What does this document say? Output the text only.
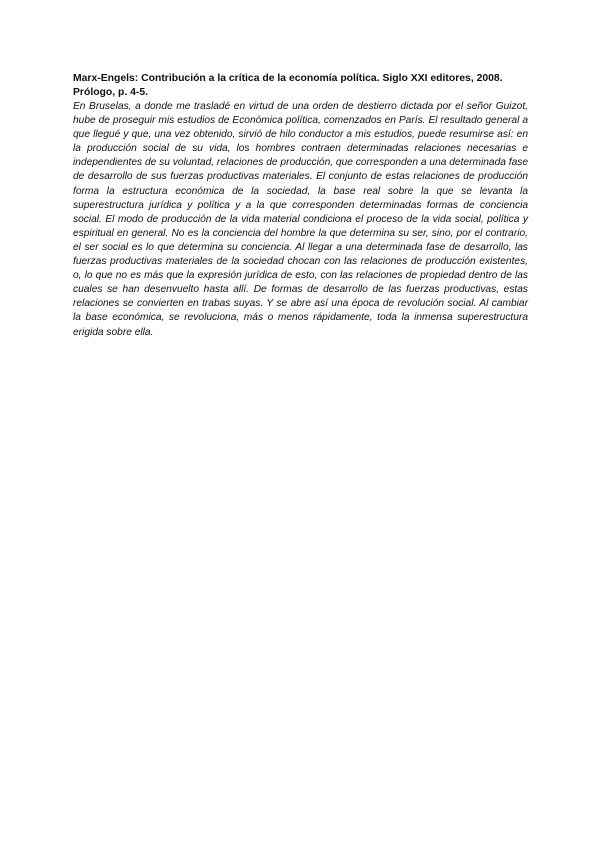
Marx-Engels: Contribución a la crítica de la economía política. Siglo XXI editores, 2008. Prólogo, p. 4-5.

En Bruselas, a donde me trasladé en virtud de una orden de destierro dictada por el señor Guizot, hube de proseguir mis estudios de Económica política, comenzados en París. El resultado general a que llegué y que, una vez obtenido, sirvió de hilo conductor a mis estudios, puede resumirse así: en la producción social de su vida, los hombres contraen determinadas relaciones necesarias e independientes de su voluntad, relaciones de producción, que corresponden a una determinada fase de desarrollo de sus fuerzas productivas materiales. El conjunto de estas relaciones de producción forma la estructura económica de la sociedad, la base real sobre la que se levanta la superestructura jurídica y política y a la que corresponden determinadas formas de conciencia social. El modo de producción de la vida material condiciona el proceso de la vida social, política y espiritual en general. No es la conciencia del hombre la que determina su ser, sino, por el contrario, el ser social es lo que determina su conciencia. Al llegar a una determinada fase de desarrollo, las fuerzas productivas materiales de la sociedad chocan con las relaciones de producción existentes, o, lo que no es más que la expresión jurídica de esto, con las relaciones de propiedad dentro de las cuales se han desenvuelto hasta allí. De formas de desarrollo de las fuerzas productivas, estas relaciones se convierten en trabas suyas. Y se abre así una época de revolución social. Al cambiar la base económica, se revoluciona, más o menos rápidamente, toda la inmensa superestructura erigida sobre ella.
